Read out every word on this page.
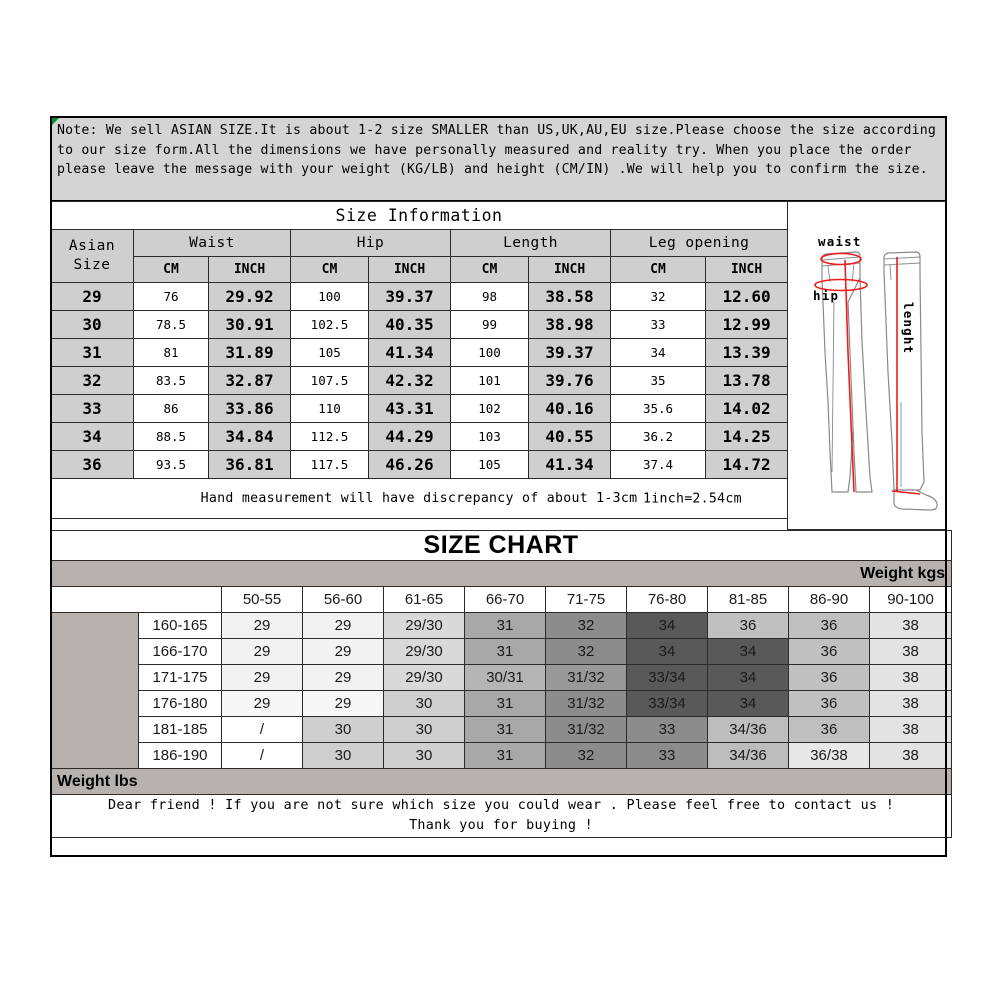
Note: We sell ASIAN SIZE.It is about 1-2 size SMALLER than US,UK,AU,EU size.Please choose the size according to our size form.All the dimensions we have personally measured and reality try. When you place the order please leave the message with your weight (KG/LB) and height (CM/IN) .We will help you to confirm the size.
Size Information								
Asian
Size	Waist		Hip		Length		Leg opening	
	CM	INCH	CM	INCH	CM	INCH	CM	INCH
29	76	29.92	100	39.37	98	38.58	32	12.60
30	78.5	30.91	102.5	40.35	99	38.98	33	12.99
31	81	31.89	105	41.34	100	39.37	34	13.39
32	83.5	32.87	107.5	42.32	101	39.76	35	13.78
33	86	33.86	110	43.31	102	40.16	35.6	14.02
34	88.5	34.84	112.5	44.29	103	40.55	36.2	14.25
36	93.5	36.81	117.5	46.26	105	41.34	37.4	14.72
Hand measurement will have discrepancy of about 1-3cm 1inch=2.54cm								
waist
hip
lenght
SIZE CHART										
Weight kgs										
		50-55	56-60	61-65	66-70	71-75	76-80	81-85	86-90	90-100
	160-165	29	29	29/30	31	32	34	36	36	38
	166-170	29	29	29/30	31	32	34	34	36	38
	171-175	29	29	29/30	30/31	31/32	33/34	34	36	38
	176-180	29	29	30	31	31/32	33/34	34	36	38
	181-185	/	30	30	31	31/32	33	34/36	36	38
	186-190	/	30	30	31	32	33	34/36	36/38	38
Weight lbs										

Dear friend ! If you are not sure which size you could wear . Please feel free to contact us !
Thank you for buying !										
